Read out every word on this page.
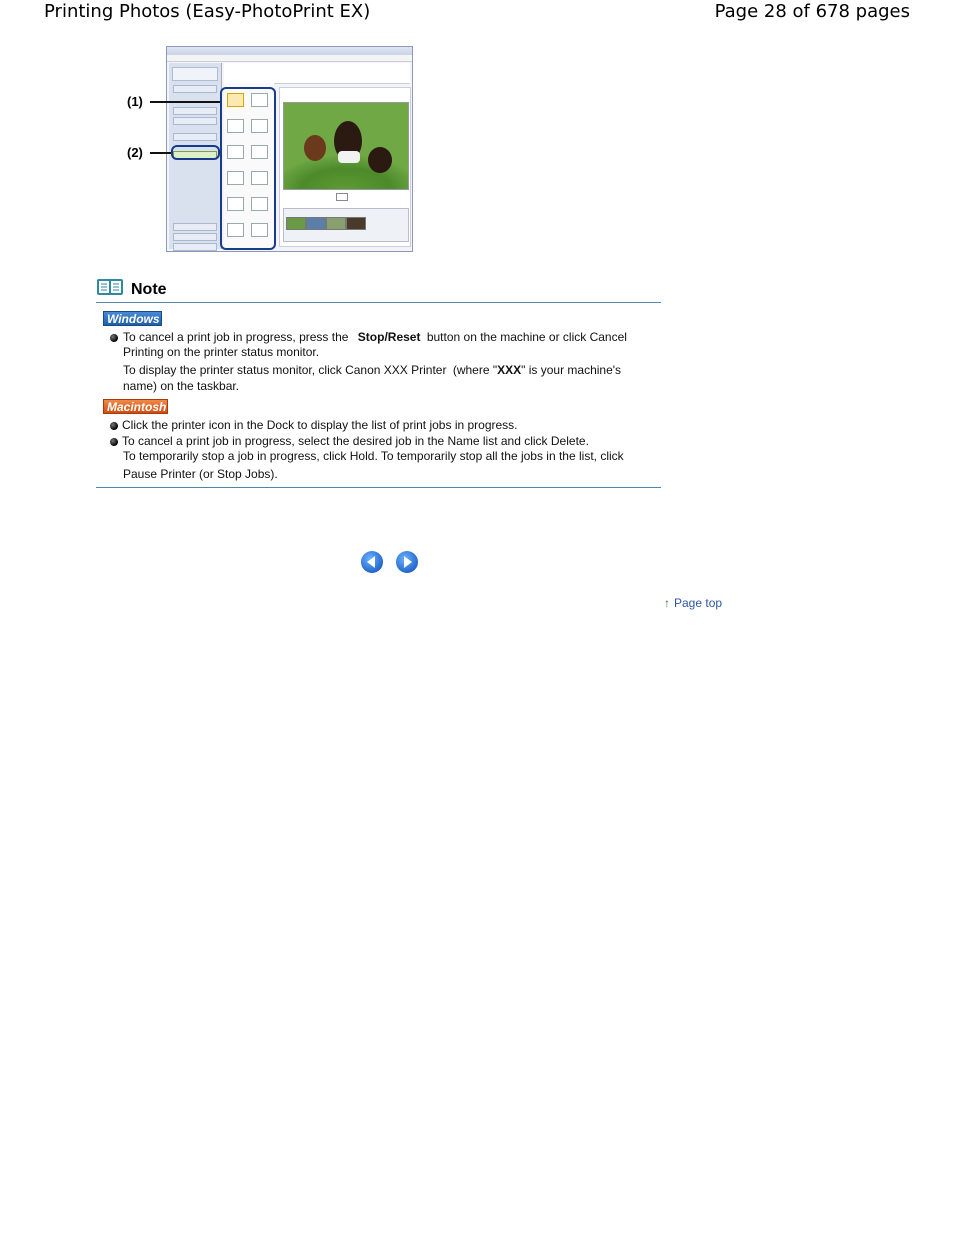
Printing Photos (Easy-PhotoPrint EX)	Page 28 of 678 pages
(1)
(2)
Note
Windows
To cancel a print job in progress, press the Stop/Reset button on the machine or click Cancel
Printing on the printer status monitor.
To display the printer status monitor, click Canon XXX Printer (where "XXX" is your machine's
name) on the taskbar.
Macintosh
Click the printer icon in the Dock to display the list of print jobs in progress.
To cancel a print job in progress, select the desired job in the Name list and click Delete.
To temporarily stop a job in progress, click Hold. To temporarily stop all the jobs in the list, click
Pause Printer (or Stop Jobs).
↑ Page top
